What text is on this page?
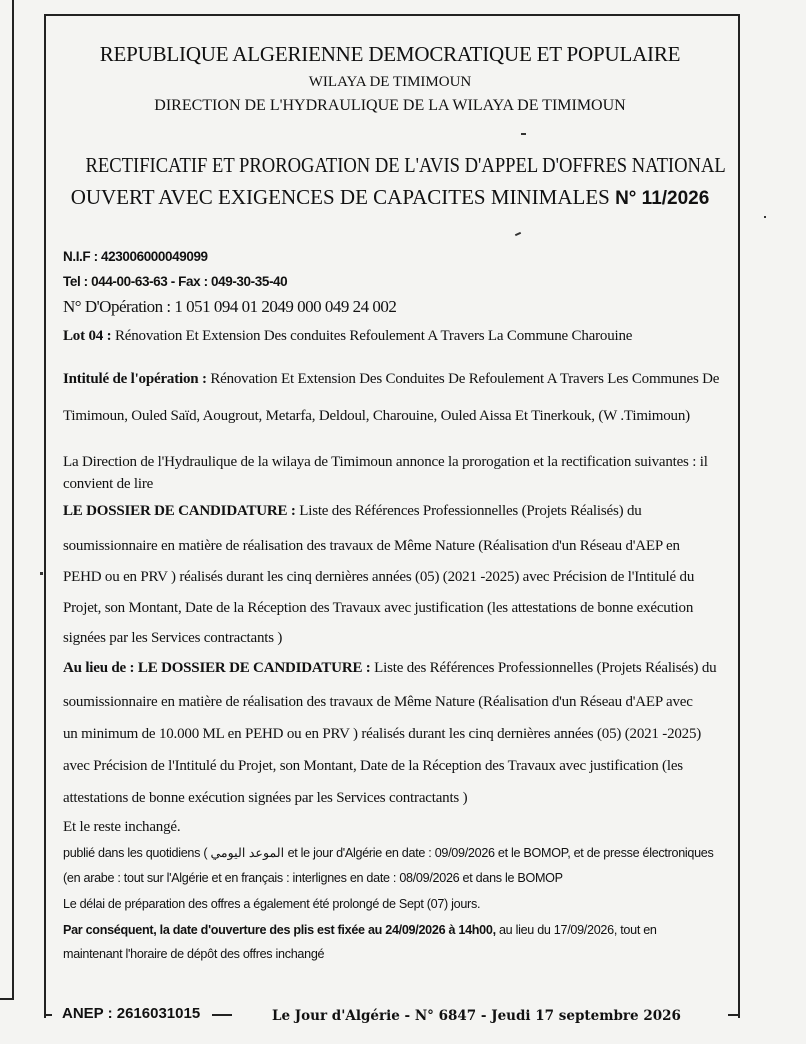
REPUBLIQUE ALGERIENNE DEMOCRATIQUE ET POPULAIRE
WILAYA DE TIMIMOUN
DIRECTION DE L'HYDRAULIQUE DE LA WILAYA DE TIMIMOUN
RECTIFICATIF ET PROROGATION DE L'AVIS D'APPEL D'OFFRES NATIONAL
OUVERT AVEC EXIGENCES DE CAPACITES MINIMALES N° 11/2026
N.I.F : 423006000049099
Tel : 044-00-63-63 - Fax : 049-30-35-40
N° D'Opération : 1 051 094 01 2049 000 049 24 002
Lot 04 : Rénovation Et Extension Des conduites Refoulement A Travers La Commune Charouine
Intitulé de l'opération : Rénovation Et Extension Des Conduites De Refoulement A Travers Les Communes De
Timimoun, Ouled Saïd, Aougrout, Metarfa, Deldoul, Charouine, Ouled Aissa Et Tinerkouk, (W .Timimoun)
La Direction de l'Hydraulique de la wilaya de Timimoun annonce la prorogation et la rectification suivantes : il
convient de lire
LE DOSSIER DE CANDIDATURE : Liste des Références Professionnelles (Projets Réalisés) du
soumissionnaire en matière de réalisation des travaux de Même Nature (Réalisation d'un Réseau d'AEP en
PEHD ou en PRV ) réalisés durant les cinq dernières années (05) (2021 -2025) avec Précision de l'Intitulé du
Projet, son Montant, Date de la Réception des Travaux avec justification (les attestations de bonne exécution
signées par les Services contractants )
Au lieu de : LE DOSSIER DE CANDIDATURE : Liste des Références Professionnelles (Projets Réalisés) du
soumissionnaire en matière de réalisation des travaux de Même Nature (Réalisation d'un Réseau d'AEP avec
un minimum de 10.000 ML en PEHD ou en PRV ) réalisés durant les cinq dernières années (05) (2021 -2025)
avec Précision de l'Intitulé du Projet, son Montant, Date de la Réception des Travaux avec justification (les
attestations de bonne exécution signées par les Services contractants )
Et le reste inchangé.
publié dans les quotidiens ( الموعد اليومي et le jour d'Algérie en date : 09/09/2026 et le BOMOP, et de presse électroniques
(en arabe : tout sur l'Algérie et en français : interlignes en date : 08/09/2026 et dans le BOMOP
Le délai de préparation des offres a également été prolongé de Sept (07) jours.
Par conséquent, la date d'ouverture des plis est fixée au 24/09/2026 à 14h00, au lieu du 17/09/2026, tout en
maintenant l'horaire de dépôt des offres inchangé
ANEP : 2616031015	Le Jour d'Algérie - N° 6847 - Jeudi 17 septembre 2026
